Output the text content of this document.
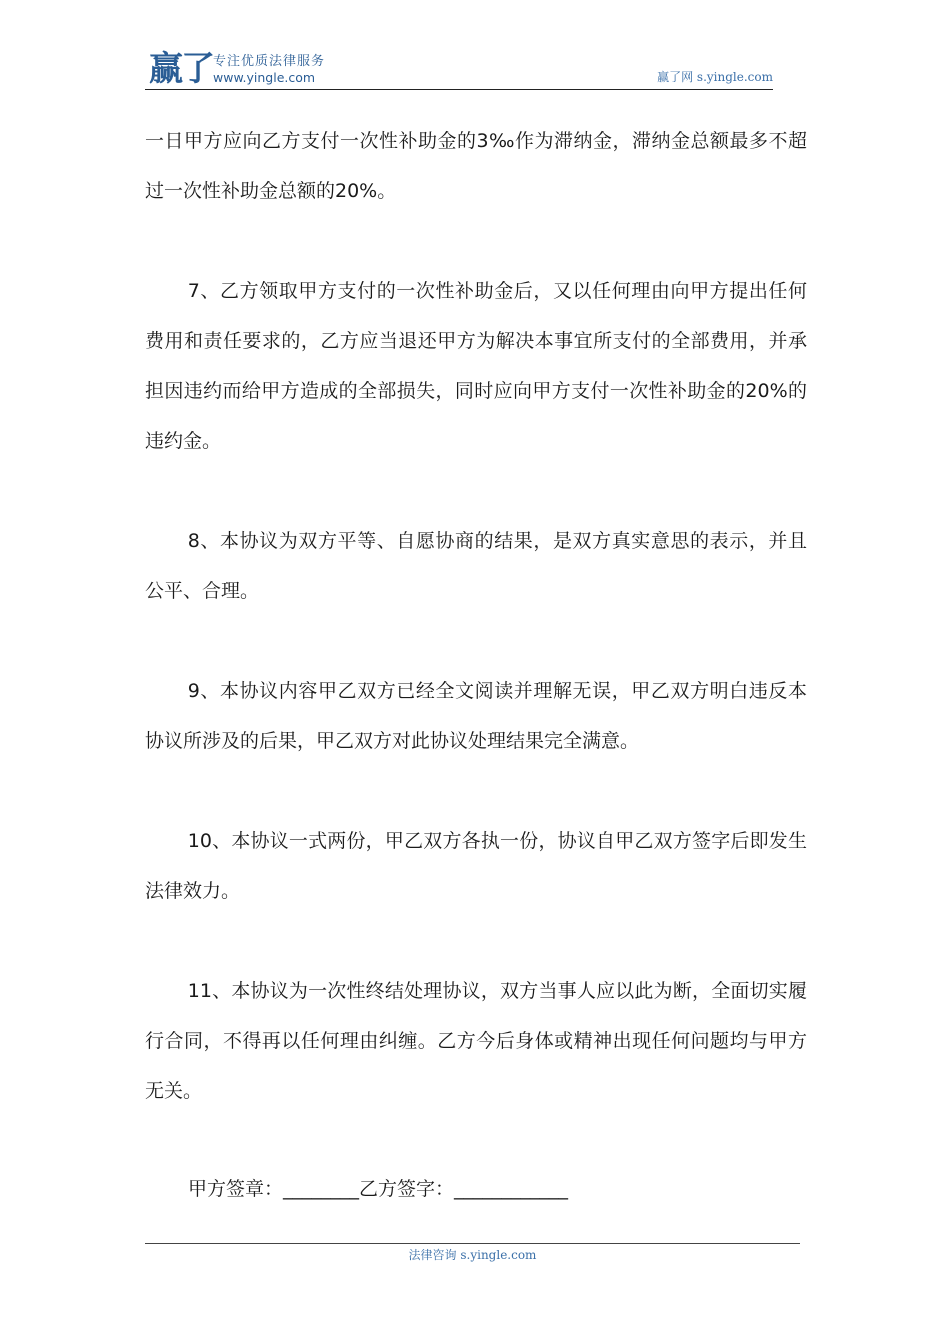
赢了 专注优质法律服务
www.yingle.com	赢了网 s.yingle.com

一日甲方应向乙方支付一次性补助金的3‰作为滞纳金，滞纳金总额最多不超过一次性补助金总额的20%。

7、乙方领取甲方支付的一次性补助金后，又以任何理由向甲方提出任何费用和责任要求的，乙方应当退还甲方为解决本事宜所支付的全部费用，并承担因违约而给甲方造成的全部损失，同时应向甲方支付一次性补助金的20%的违约金。

8、本协议为双方平等、自愿协商的结果，是双方真实意思的表示，并且公平、合理。

9、本协议内容甲乙双方已经全文阅读并理解无误，甲乙双方明白违反本协议所涉及的后果，甲乙双方对此协议处理结果完全满意。

10、本协议一式两份，甲乙双方各执一份，协议自甲乙双方签字后即发生法律效力。

11、本协议为一次性终结处理协议，双方当事人应以此为断，全面切实履行合同，不得再以任何理由纠缠。乙方今后身体或精神出现任何问题均与甲方无关。

甲方签章：________乙方签字：____________
法律咨询 s.yingle.com
